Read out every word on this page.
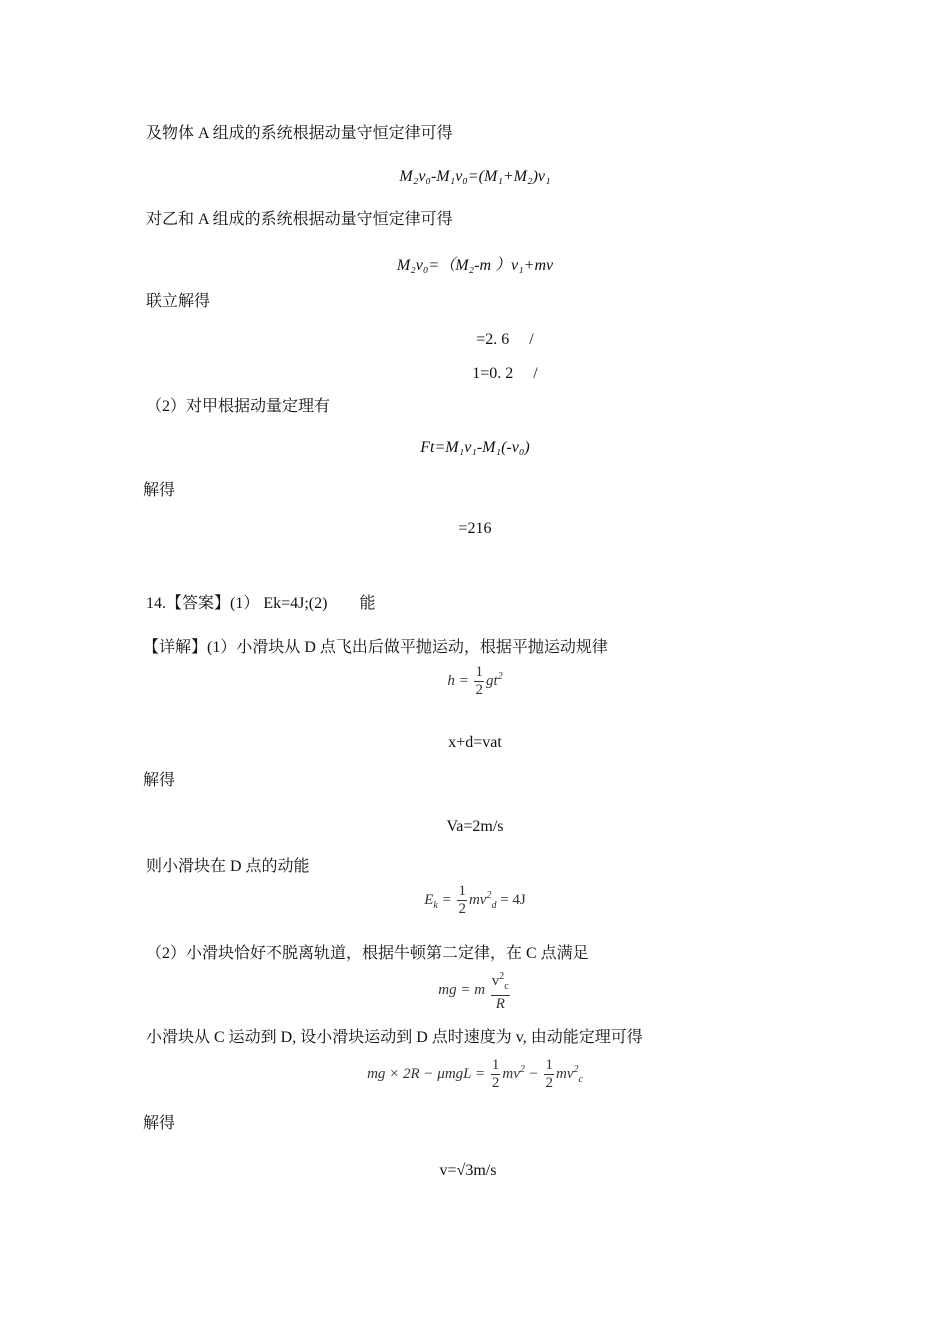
及物体 A 组成的系统根据动量守恒定律可得
M₂v₀-M₁v₀=(M₁+M₂)v₁
对乙和 A 组成的系统根据动量守恒定律可得
M₂v₀=（M₂-m ）v₁+mv
联立解得
=2. 6　 /
1=0. 2　 /
（2）对甲根据动量定理有
Ft=M₁v₁-M₁(-v₀)
解得
=216
14.【答案】(1） Ek=4J;(2)　　能
【详解】(1）小滑块从 D 点飞出后做平抛运动，根据平抛运动规律
$h = \frac{1}{2} gt^2$
x+d=vat
解得
Va=2m/s
则小滑块在 D 点的动能
$E_k = \frac{1}{2} mv^2_d = 4J$
（2）小滑块恰好不脱离轨道，根据牛顿第二定律，在 C 点满足
mg = m $\frac{v^2_c}{R}$
小滑块从 C 运动到 D, 设小滑块运动到 D 点时速度为 v, 由动能定理可得
mg × $2R - \mu mgL = \frac{1}{2} mv^2 - \frac{1}{2} mv^2_c$
解得
v=√3m/s
